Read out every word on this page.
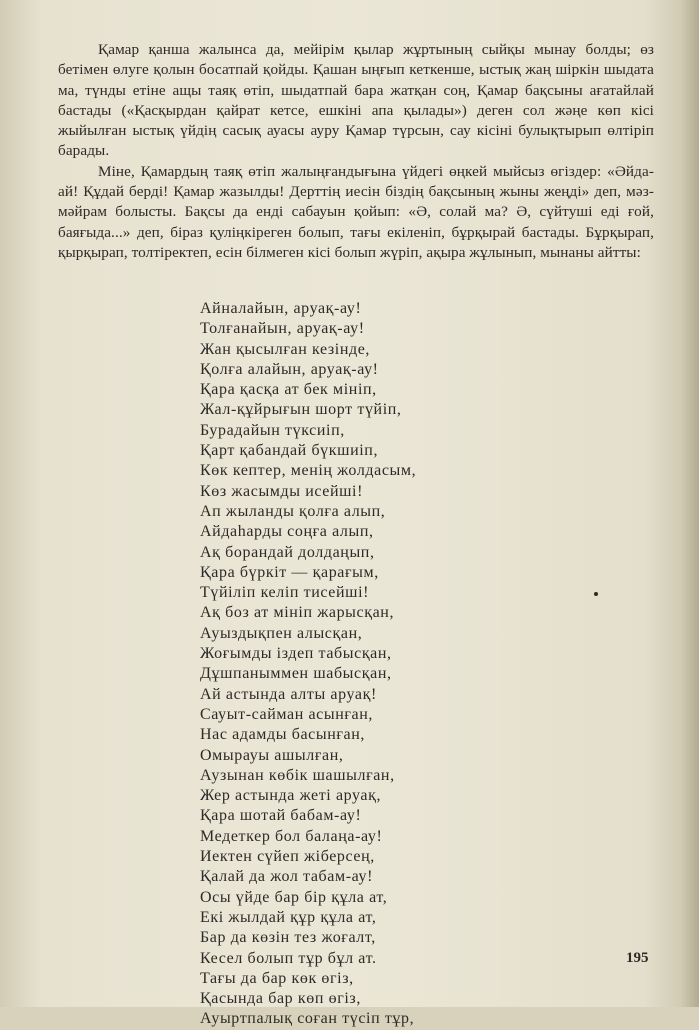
Қамар қанша жалынса да, мейірім қылар жұртының сыйқы мынау болды; өз бетімен өлуге қолын босатпай қойды. Қашан ыңғып кеткенше, ыстық жаң шіркін шыдата ма, түнды етіне ащы таяқ өтіп, шыдатпай бара жатқан соң, Қамар бақсыны ағатайлай бастады («Қасқырдан қайрат кетсе, ешкіні апа қылады») деген сол жәңе көп кісі жыйылған ыстық үйдің сасық ауасы ауру Қамар түрсын, сау кісіні булықтырып өлтіріп барады.

Міне, Қамардың таяқ өтіп жалыңғандығына үйдегі өңкей мыйсыз өгіздер: «Әйда-ай! Құдай берді! Қамар жазылды! Дерттің иесін біздің бақсының жыны жеңді» деп, мәз-мәйрам болысты. Бақсы да енді сабауын қойып: «Ә, солай ма? Ә, сүйтуші еді ғой, баяғыда...» деп, біраз қуліңкіреген болып, тағы екіленіп, бұрқырай бастады. Бұрқырап, қырқырап, толтіректеп, есін білмеген кісі болып жүріп, ақыра жұлынып, мынаны айтты:

Айналайын, аруақ-ау!
Толғанайын, аруақ-ау!
Жан қысылған кезінде,
Қолға алайын, аруақ-ау!
Қара қасқа ат бек мініп,
Жал-құйрығын шорт түйіп,
Бурадайын түксиіп,
Қарт қабандай бүкшиіп,
Көк кептер, менің жолдасым,
Көз жасымды исейші!
Ап жыланды қолға алып,
Айдаһарды соңға алып,
Ақ борандай долдаңып,
Қара бүркіт — қарағым,
Түйіліп келіп тисейші!
Ақ боз ат мініп жарысқан,
Ауыздықпен алысқан,
Жоғымды іздеп табысқан,
Дұшпаныммен шабысқан,
Ай астында алты аруақ!
Сауыт-сайман асынған,
Нас адамды басынған,
Омырауы ашылған,
Аузынан көбік шашылған,
Жер астында жеті аруақ,
Қара шотай бабам-ау!
Медеткер бол балаңа-ау!
Иектен сүйеп жіберсең,
Қалай да жол табам-ау!
Осы үйде бар бір құла ат,
Екі жылдай құр құла ат,
Бар да көзін тез жоғалт,
Кесел болып тұр бұл ат.
Тағы да бар көк өгіз,
Қасында бар көп өгіз,
Ауыртпалық соған түсіп тұр,
195
